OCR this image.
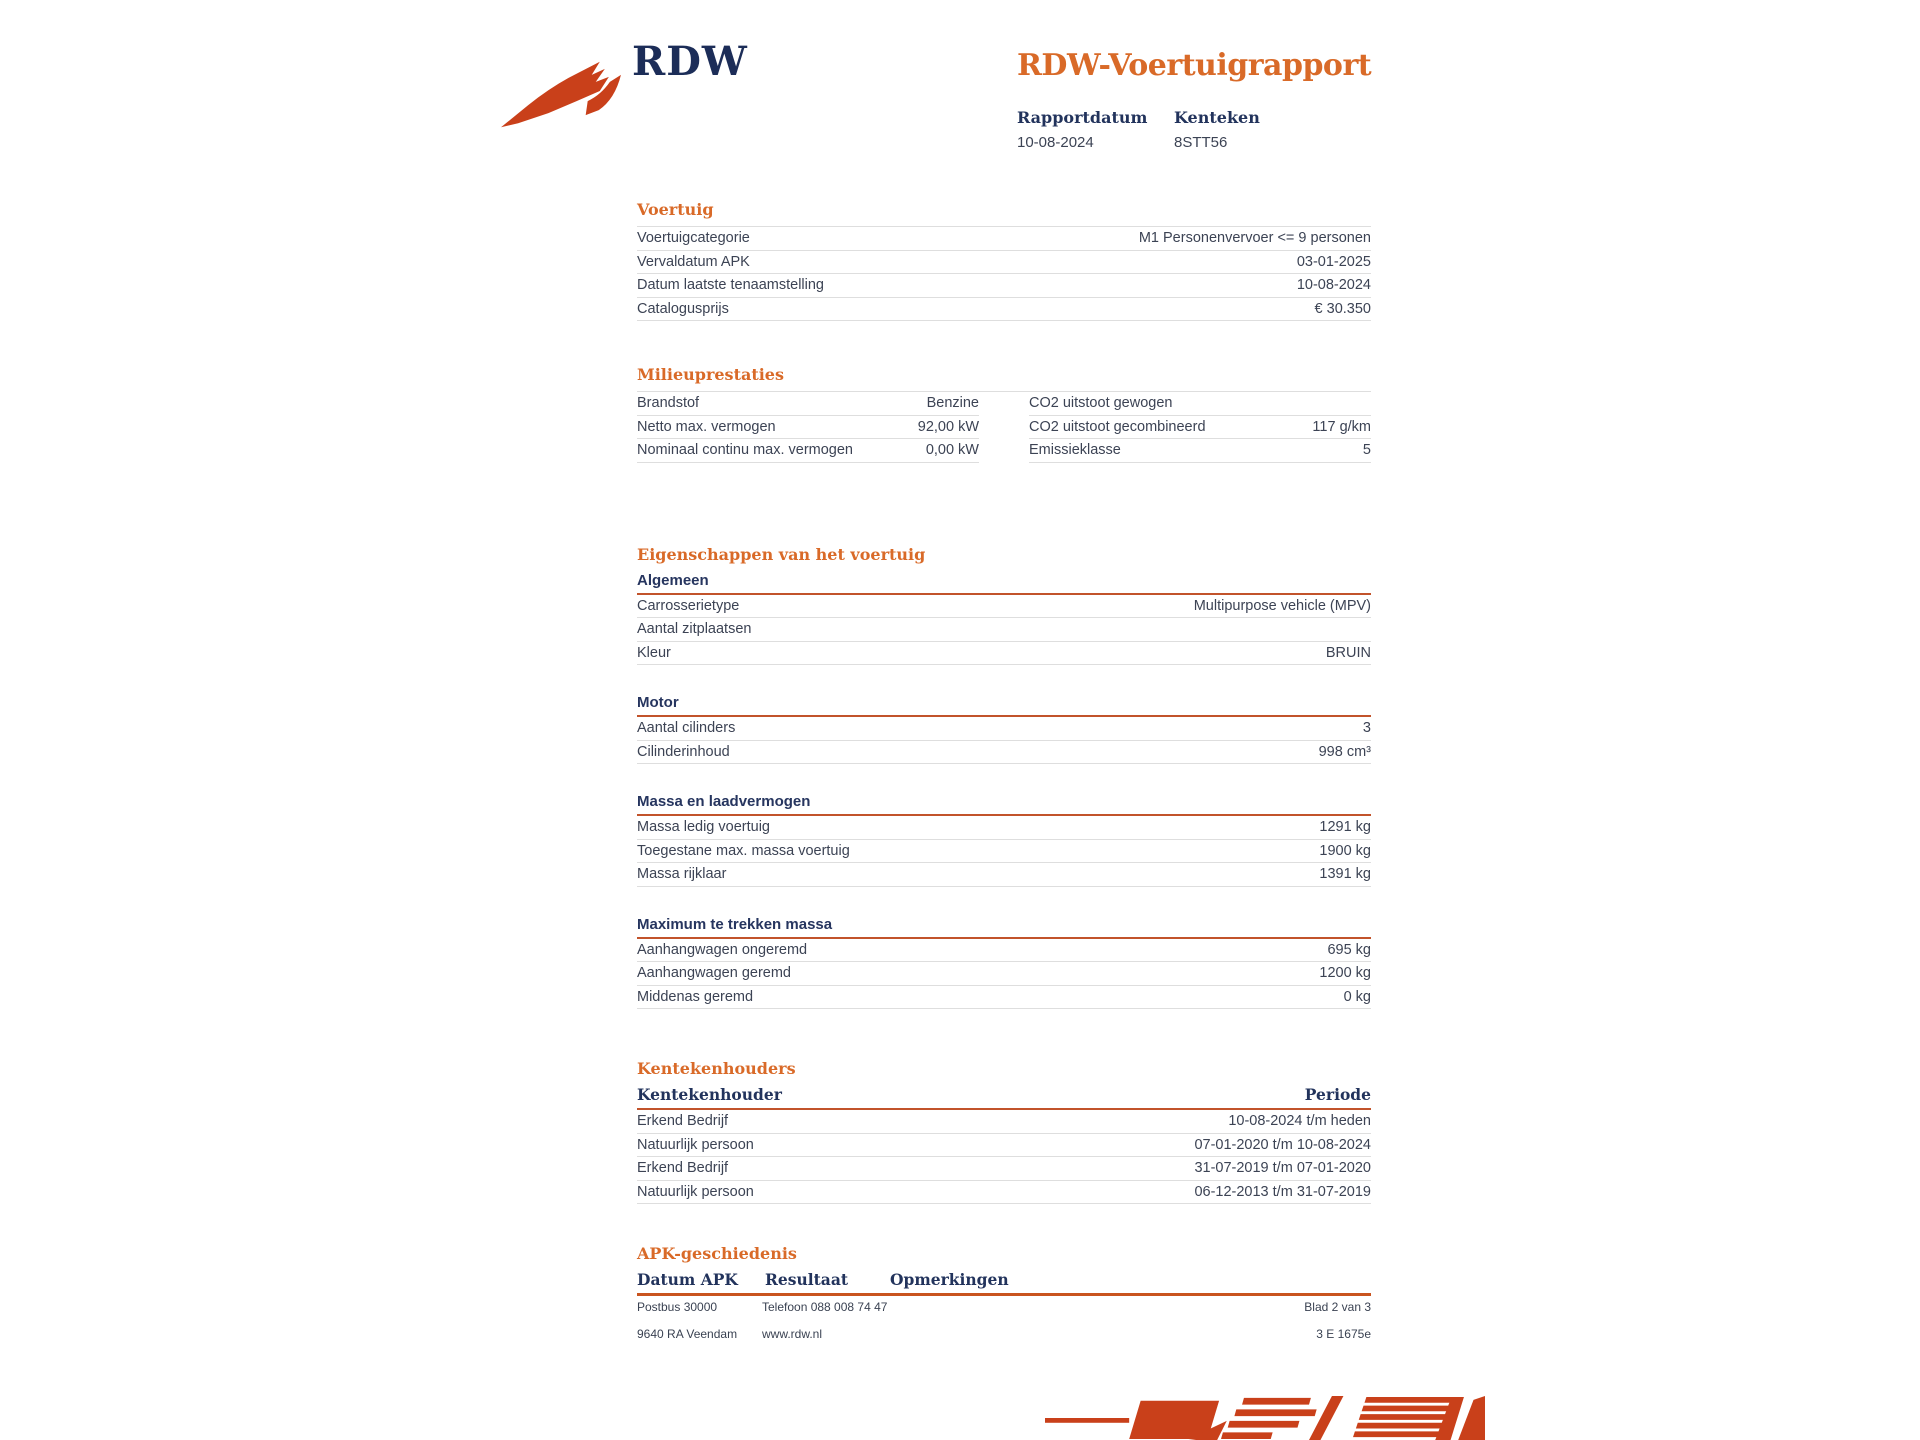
RDW	RDW-Voertuigrapport
Rapportdatum
10-08-2024
Kenteken
8STT56
Voertuig
Voertuigcategorie	M1 Personenvervoer <= 9 personen
Vervaldatum APK	03-01-2025
Datum laatste tenaamstelling	10-08-2024
Catalogusprijs	€ 30.350
Milieuprestaties
Brandstof	Benzine
Netto max. vermogen	92,00 kW
Nominaal continu max. vermogen	0,00 kW
CO2 uitstoot gewogen
CO2 uitstoot gecombineerd	117 g/km
Emissieklasse	5
Eigenschappen van het voertuig
Algemeen
Carrosserietype	Multipurpose vehicle (MPV)
Aantal zitplaatsen
Kleur	BRUIN
Motor
Aantal cilinders	3
Cilinderinhoud	998 cm³
Massa en laadvermogen
Massa ledig voertuig	1291 kg
Toegestane max. massa voertuig	1900 kg
Massa rijklaar	1391 kg
Maximum te trekken massa
Aanhangwagen ongeremd	695 kg
Aanhangwagen geremd	1200 kg
Middenas geremd	0 kg
Kentekenhouders
Kentekenhouder	Periode
Erkend Bedrijf	10-08-2024 t/m heden
Natuurlijk persoon	07-01-2020 t/m 10-08-2024
Erkend Bedrijf	31-07-2019 t/m 07-01-2020
Natuurlijk persoon	06-12-2013 t/m 31-07-2019
APK-geschiedenis
Datum APK	Resultaat	Opmerkingen
Postbus 30000	Telefoon 088 008 74 47	Blad 2 van 3
9640 RA Veendam	www.rdw.nl	3 E 1675e
